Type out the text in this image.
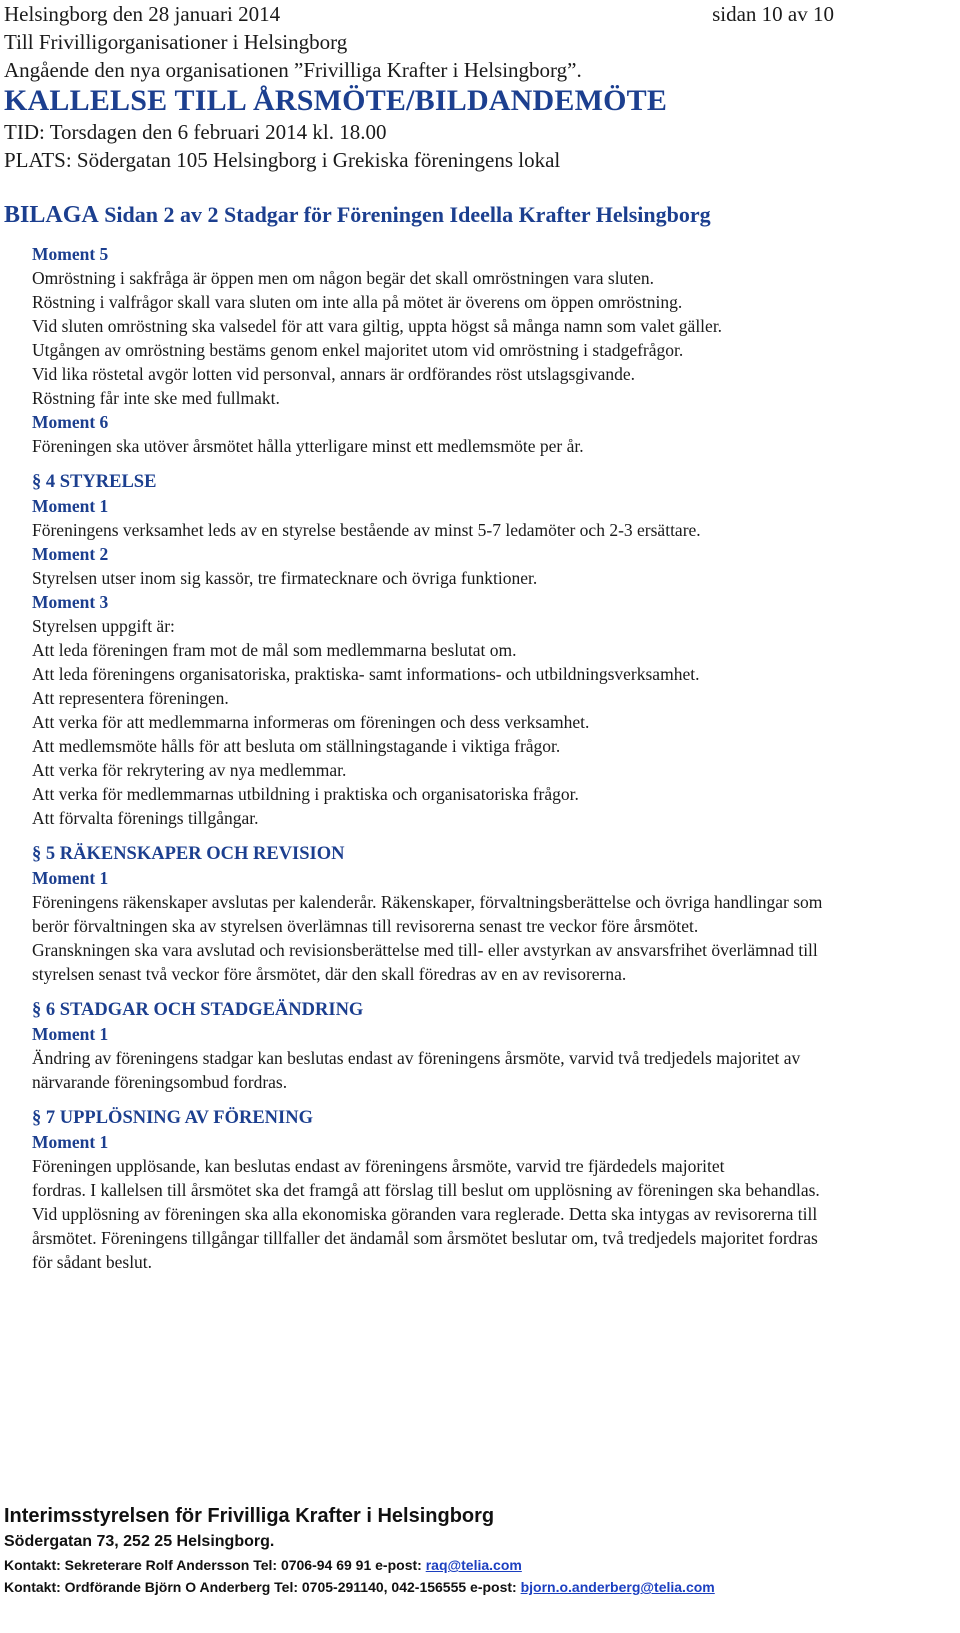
Helsingborg den 28 januari 2014	sidan 10 av 10
Till Frivilligorganisationer i Helsingborg
Angående den nya organisationen ”Frivilliga Krafter i Helsingborg”.
KALLELSE TILL ÅRSMÖTE/BILDANDEMÖTE
TID: Torsdagen den 6 februari 2014 kl. 18.00
PLATS: Södergatan 105 Helsingborg i Grekiska föreningens lokal
BILAGA Sidan 2 av 2 Stadgar för Föreningen Ideella Krafter Helsingborg
Moment 5
Omröstning i sakfråga är öppen men om någon begär det skall omröstningen vara sluten.
Röstning i valfrågor skall vara sluten om inte alla på mötet är överens om öppen omröstning.
Vid sluten omröstning ska valsedel för att vara giltig, uppta högst så många namn som valet gäller.
Utgången av omröstning bestäms genom enkel majoritet utom vid omröstning i stadgefrågor.
Vid lika röstetal avgör lotten vid personval, annars är ordförandes röst utslagsgivande.
Röstning får inte ske med fullmakt.
Moment 6
Föreningen ska utöver årsmötet hålla ytterligare minst ett medlemsmöte per år.
§ 4 STYRELSE
Moment 1
Föreningens verksamhet leds av en styrelse bestående av minst 5-7 ledamöter och 2-3 ersättare.
Moment 2
Styrelsen utser inom sig kassör, tre firmatecknare och övriga funktioner.
Moment 3
Styrelsen uppgift är:
Att leda föreningen fram mot de mål som medlemmarna beslutat om.
Att leda föreningens organisatoriska, praktiska- samt informations- och utbildningsverksamhet.
Att representera föreningen.
Att verka för att medlemmarna informeras om föreningen och dess verksamhet.
Att medlemsmöte hålls för att besluta om ställningstagande i viktiga frågor.
Att verka för rekrytering av nya medlemmar.
Att verka för medlemmarnas utbildning i praktiska och organisatoriska frågor.
Att förvalta förenings tillgångar.
§ 5 RÄKENSKAPER OCH REVISION
Moment 1
Föreningens räkenskaper avslutas per kalenderår. Räkenskaper, förvaltningsberättelse och övriga handlingar som
berör förvaltningen ska av styrelsen överlämnas till revisorerna senast tre veckor före årsmötet.
Granskningen ska vara avslutad och revisionsberättelse med till- eller avstyrkan av ansvarsfrihet överlämnad till
styrelsen senast två veckor före årsmötet, där den skall föredras av en av revisorerna.
§ 6 STADGAR OCH STADGEÄNDRING
Moment 1
Ändring av föreningens stadgar kan beslutas endast av föreningens årsmöte, varvid två tredjedels majoritet av
närvarande föreningsombud fordras.
§ 7 UPPLÖSNING AV FÖRENING
Moment 1
Föreningen upplösande, kan beslutas endast av föreningens årsmöte, varvid tre fjärdedels majoritet
fordras. I kallelsen till årsmötet ska det framgå att förslag till beslut om upplösning av föreningen ska behandlas.
Vid upplösning av föreningen ska alla ekonomiska göranden vara reglerade. Detta ska intygas av revisorerna till
årsmötet. Föreningens tillgångar tillfaller det ändamål som årsmötet beslutar om, två tredjedels majoritet fordras
för sådant beslut.
Interimsstyrelsen för Frivilliga Krafter i Helsingborg
Södergatan 73, 252 25 Helsingborg.
Kontakt: Sekreterare Rolf Andersson Tel: 0706-94 69 91 e-post: raq@telia.com
Kontakt: Ordförande Björn O Anderberg Tel: 0705-291140, 042-156555 e-post: bjorn.o.anderberg@telia.com
